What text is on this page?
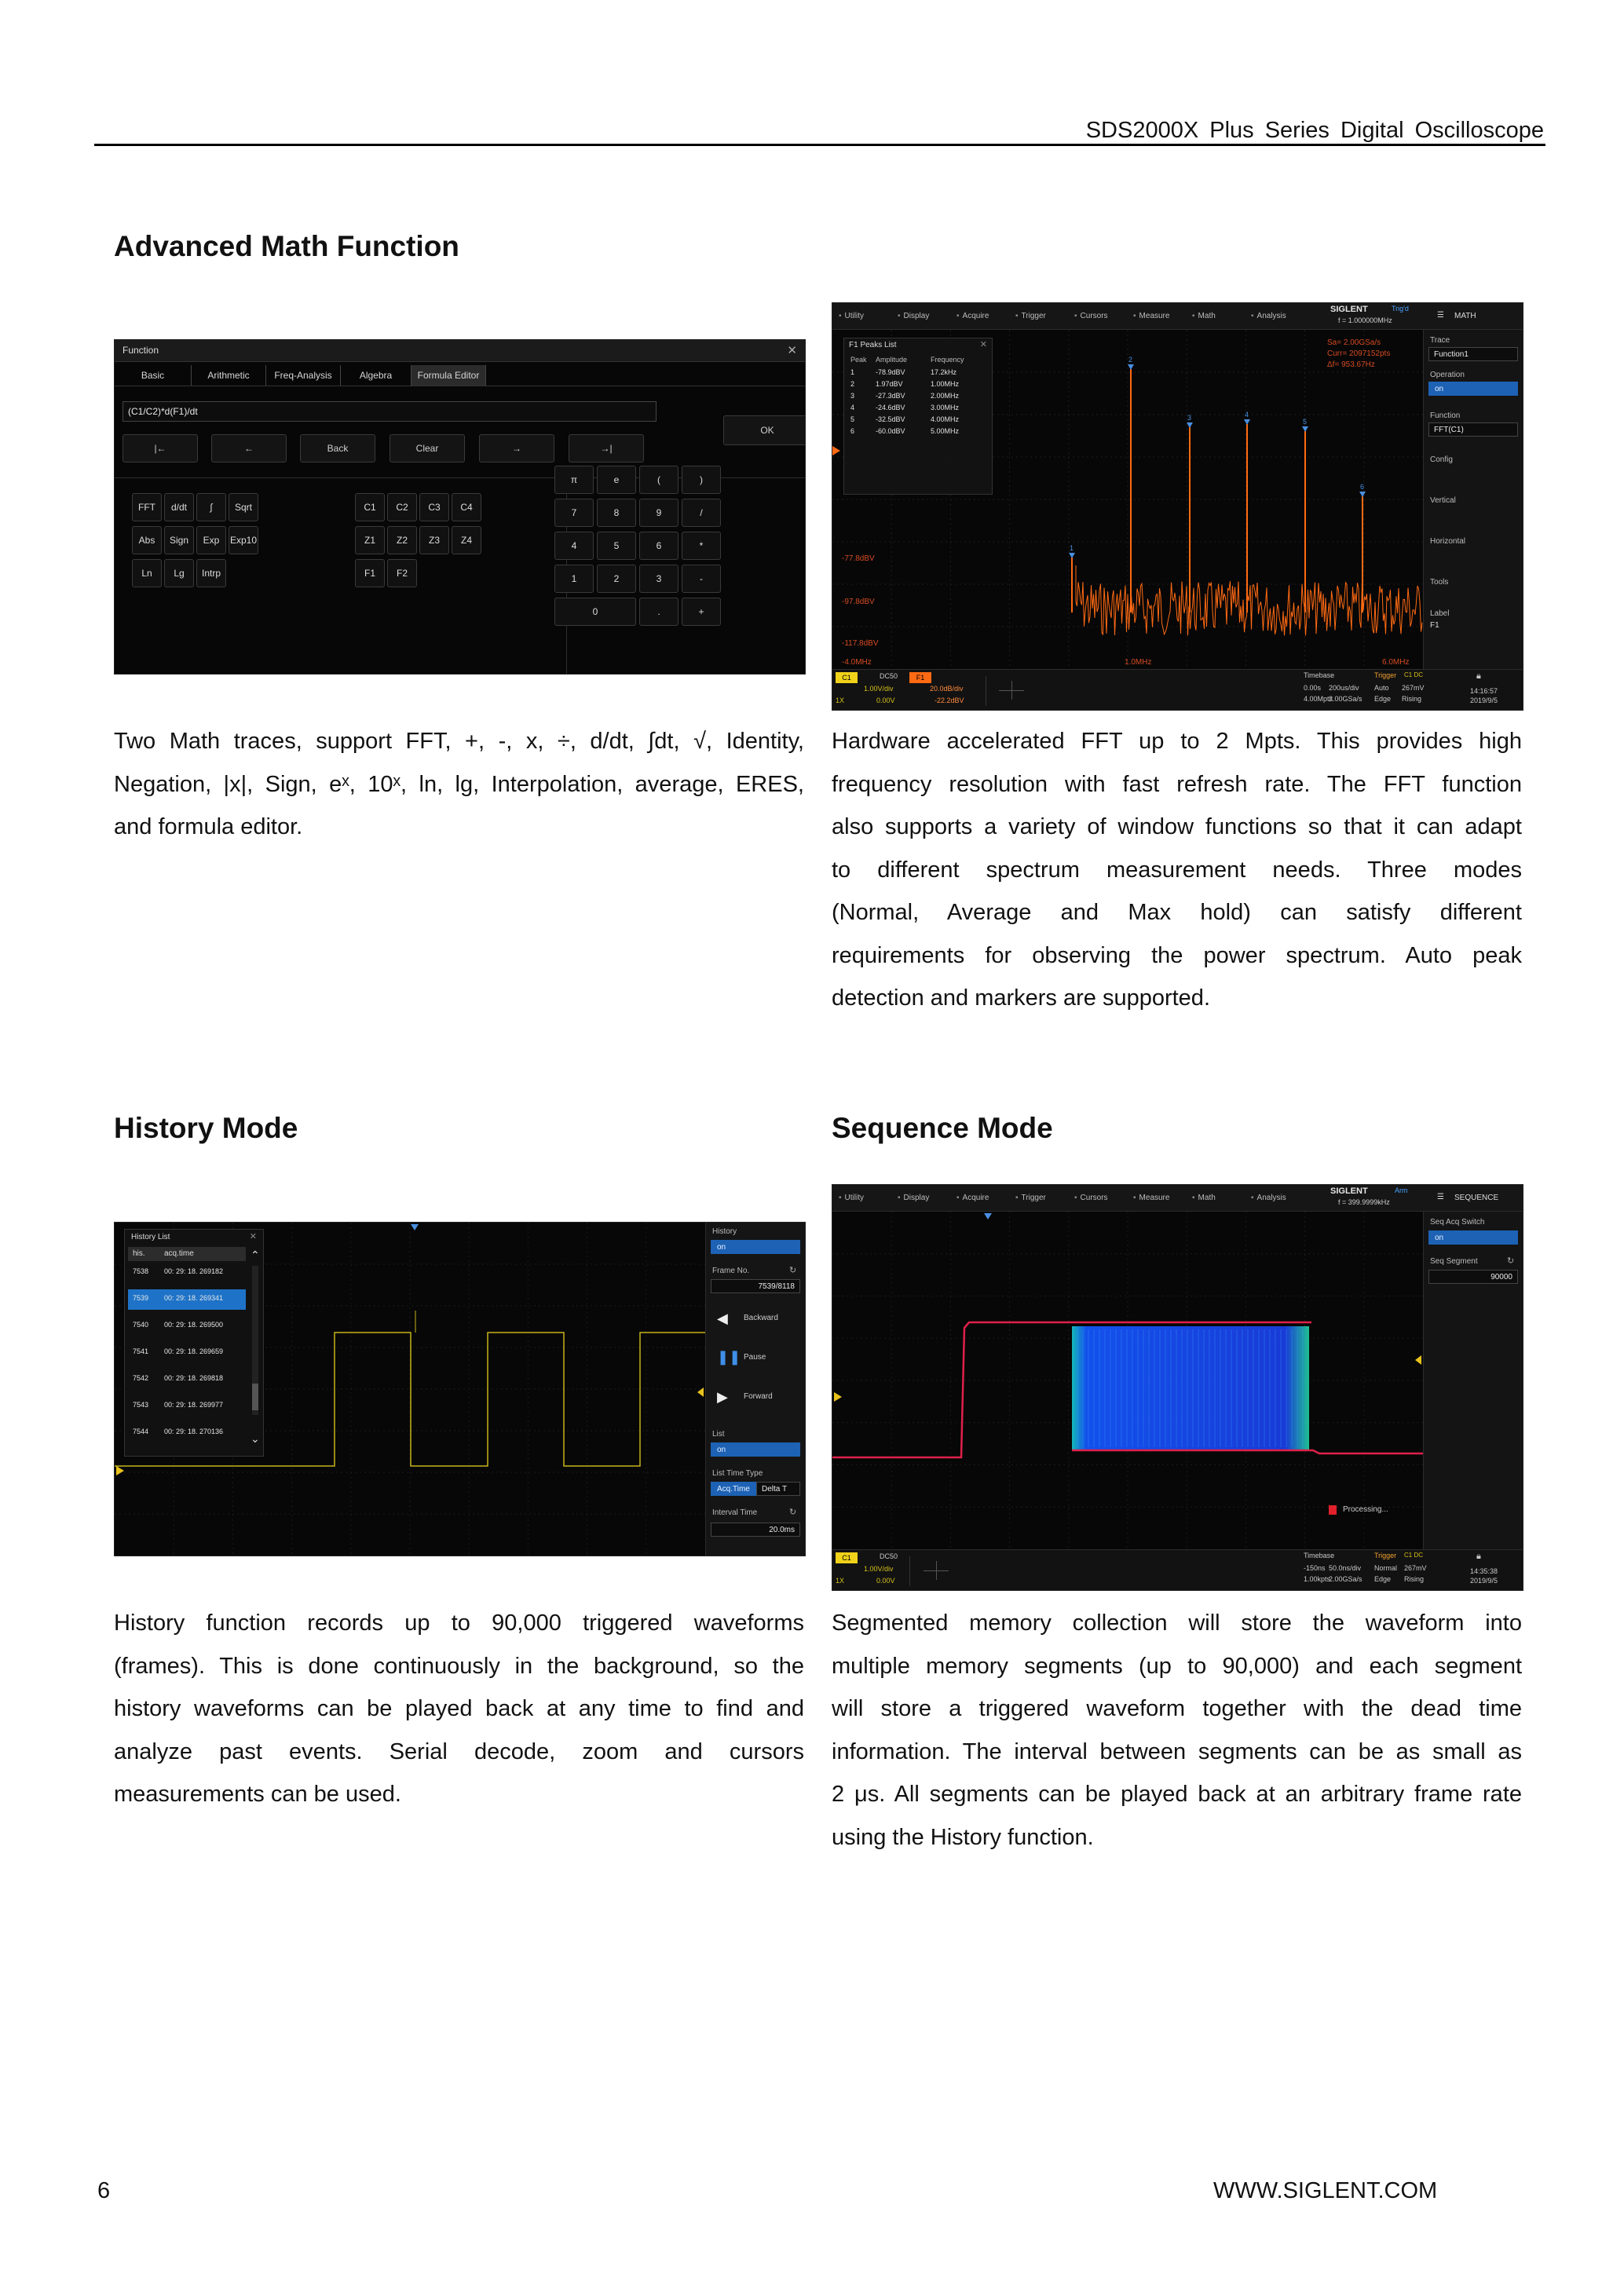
SDS2000X Plus Series Digital Oscilloscope
Advanced Math Function
History Mode	Sequence Mode
Function	✕
Basic	Arithmetic	Freq-Analysis	Algebra	Formula Editor
(C1/C2)*d(F1)/dt
OK
|←	←	Back	Clear	→	→|
FFT	d/dt	∫	Sqrt
Abs	Sign	Exp	Exp10
Ln	Lg	Intrp
C1	C2	C3	C4
Z1	Z2	Z3	Z4
F1	F2
π	e	(	)
7	8	9	/
4	5	6	*
1	2	3	-
0	.	+
▪ Utility	▪ Display	▪ Acquire	▪ Trigger	▪ Cursors	▪ Measure	▪ Math	▪ Analysis
SIGLENT	Trig'd
f = 1.000000MHz
☰ MATH
-77.8dBV
-97.8dBV
-117.8dBV
-4.0MHz	1.0MHz	6.0MHz
1
2
3	4
5
6
F1 Peaks List	✕
Peak Amplitude	Frequency
1	-78.9dBV	17.2kHz
2	1.97dBV	1.00MHz
3	-27.3dBV	2.00MHz
4	-24.6dBV	3.00MHz
5	-32.5dBV	4.00MHz
6	-60.0dBV	5.00MHz
Sa= 2.00GSa/s
Curr= 2097152pts
Δf= 953.67Hz
Trace
Function1
Operation
on
Function
FFT(C1)
Config
Vertical
Horizontal
Tools
Label
F1
C1	DC50
1.00V/div
1X	0.00V
F1
20.0dB/div
-22.2dBV
Timebase
0.00s 200us/div
4.00Mpts
2.00GSa/s
Trigger C1 DC
Auto 267mV
Edge Rising
🔒︎
14:16:57
2019/9/5
Two Math traces, support FFT, +, -, x, ÷, d/dt, ∫dt, √, Identity,
Negation, |x|, Sign, eˣ, 10ˣ, ln, lg, Interpolation, average, ERES,
and formula editor.
Hardware accelerated FFT up to 2 Mpts. This provides high
frequency resolution with fast refresh rate. The FFT function
also supports a variety of window functions so that it can adapt
to different spectrum measurement needs. Three modes
(Normal, Average and Max hold) can satisfy different
requirements for observing the power spectrum. Auto peak
detection and markers are supported.
History List	✕
his. acq.time
7538 00: 29: 18. 269182
7539 00: 29: 18. 269341
7540 00: 29: 18. 269500
7541 00: 29: 18. 269659
7542 00: 29: 18. 269818
7543 00: 29: 18. 269977
7544 00: 29: 18. 270136
⌃
⌄
History
on
Frame No.	↻
7539/8118
◀ Backward
❚❚ Pause
▶ Forward
List
on
List Time Type
Acq.Time	Delta T
Interval Time	↻
20.0ms
▪ Utility	▪ Display	▪ Acquire	▪ Trigger	▪ Cursors	▪ Measure	▪ Math	▪ Analysis
SIGLENT	Arm
f = 399.9999kHz
☰ SEQUENCE
Processing...
Seq Acq Switch
on
Seq Segment	↻
90000
C1	DC50
1.00V/div
1X	0.00V
Timebase
-150ns 50.0ns/div
1.00kpts
2.00GSa/s
Trigger C1 DC
Normal 267mV
Edge Rising
🔒︎
14:35:38
2019/9/5
History function records up to 90,000 triggered waveforms
(frames). This is done continuously in the background, so the
history waveforms can be played back at any time to find and
analyze past events. Serial decode, zoom and cursors
measurements can be used.
Segmented memory collection will store the waveform into
multiple memory segments (up to 90,000) and each segment
will store a triggered waveform together with the dead time
information. The interval between segments can be as small as
2 μs. All segments can be played back at an arbitrary frame rate
using the History function.
6	WWW.SIGLENT.COM
